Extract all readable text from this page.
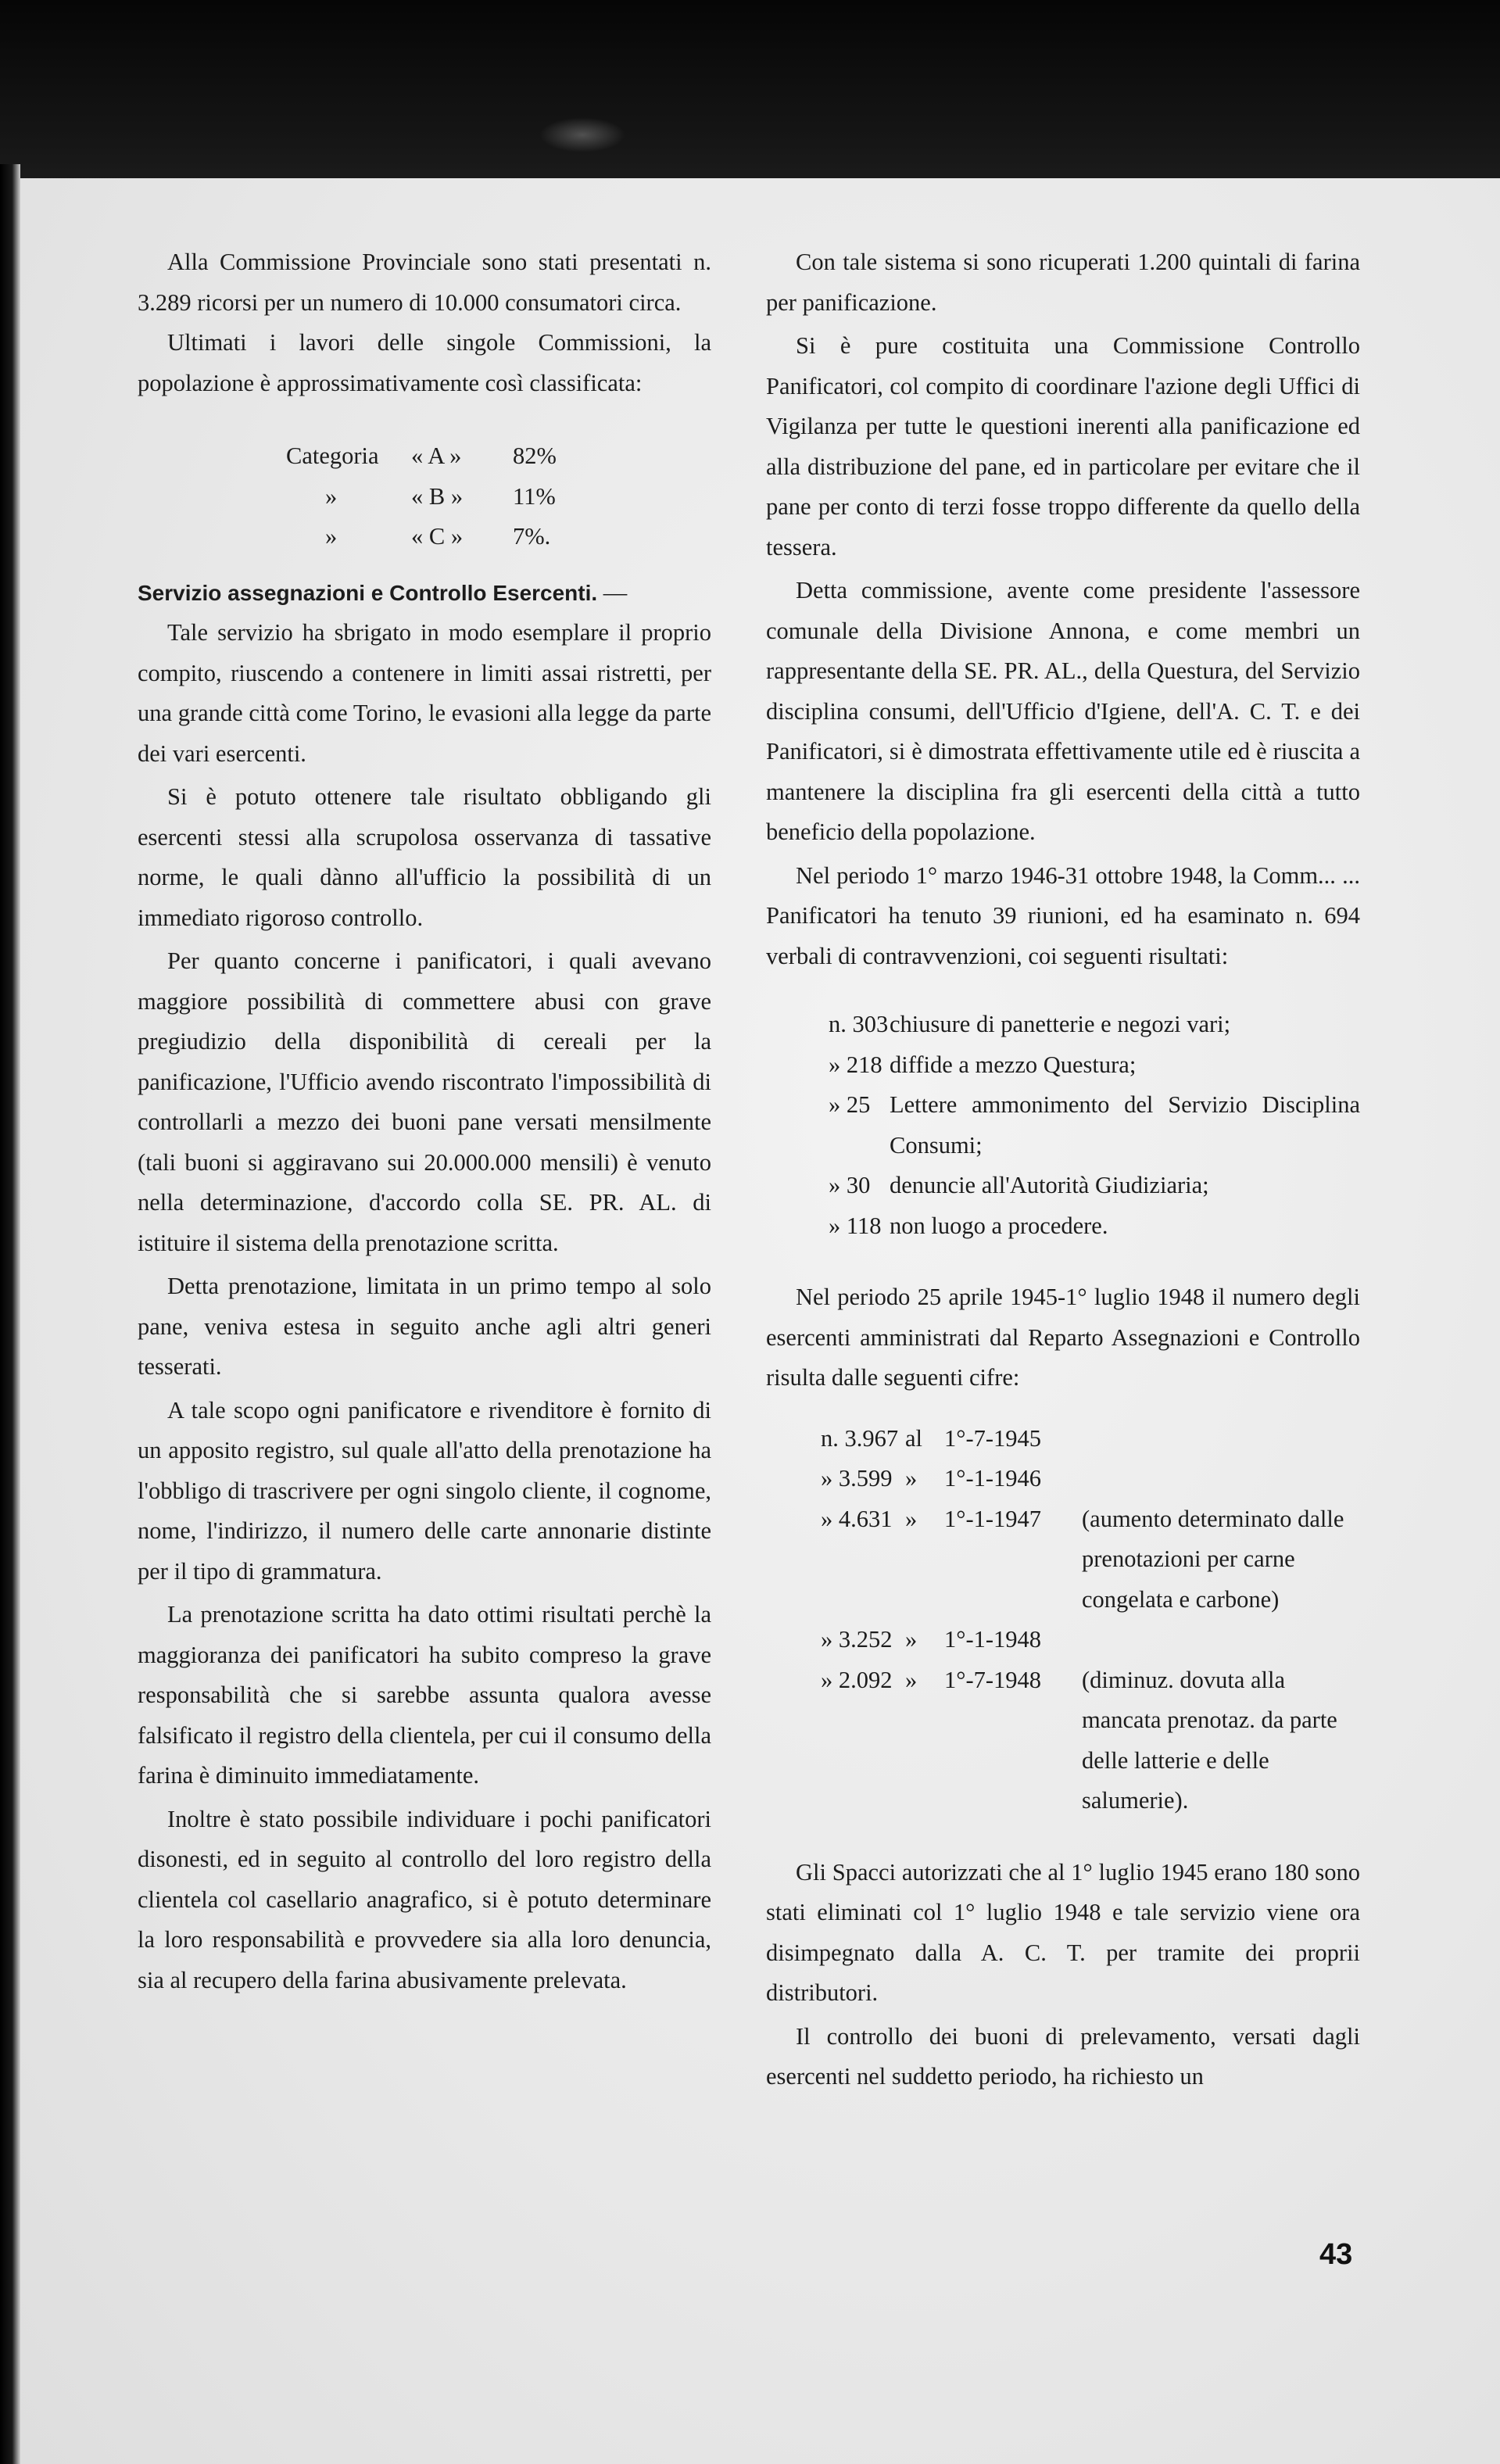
Alla Commissione Provinciale sono stati presentati n. 3.289 ricorsi per un numero di 10.000 consumatori circa.

Ultimati i lavori delle singole Commissioni, la popolazione è approssimativamente così classificata:

Categoria	« A »	82%
»	« B »	11%
»	« C »	7%.

Servizio assegnazioni e Controllo Esercenti. —

Tale servizio ha sbrigato in modo esemplare il proprio compito, riuscendo a contenere in limiti assai ristretti, per una grande città come Torino, le evasioni alla legge da parte dei vari esercenti.

Si è potuto ottenere tale risultato obbligando gli esercenti stessi alla scrupolosa osservanza di tassative norme, le quali dànno all'ufficio la possibilità di un immediato rigoroso controllo.

Per quanto concerne i panificatori, i quali avevano maggiore possibilità di commettere abusi con grave pregiudizio della disponibilità di cereali per la panificazione, l'Ufficio avendo riscontrato l'impossibilità di controllarli a mezzo dei buoni pane versati mensilmente (tali buoni si aggiravano sui 20.000.000 mensili) è venuto nella determinazione, d'accordo colla SE. PR. AL. di istituire il sistema della prenotazione scritta.

Detta prenotazione, limitata in un primo tempo al solo pane, veniva estesa in seguito anche agli altri generi tesserati.

A tale scopo ogni panificatore e rivenditore è fornito di un apposito registro, sul quale all'atto della prenotazione ha l'obbligo di trascrivere per ogni singolo cliente, il cognome, nome, l'indirizzo, il numero delle carte annonarie distinte per il tipo di grammatura.

La prenotazione scritta ha dato ottimi risultati perchè la maggioranza dei panificatori ha subito compreso la grave responsabilità che si sarebbe assunta qualora avesse falsificato il registro della clientela, per cui il consumo della farina è diminuito immediatamente.

Inoltre è stato possibile individuare i pochi panificatori disonesti, ed in seguito al controllo del loro registro della clientela col casellario anagrafico, si è potuto determinare la loro responsabilità e provvedere sia alla loro denuncia, sia al recupero della farina abusivamente prelevata.

Con tale sistema si sono ricuperati 1.200 quintali di farina per panificazione.

Si è pure costituita una Commissione Controllo Panificatori, col compito di coordinare l'azione degli Uffici di Vigilanza per tutte le questioni inerenti alla panificazione ed alla distribuzione del pane, ed in particolare per evitare che il pane per conto di terzi fosse troppo differente da quello della tessera.

Detta commissione, avente come presidente l'assessore comunale della Divisione Annona, e come membri un rappresentante della SE. PR. AL., della Questura, del Servizio disciplina consumi, dell'Ufficio d'Igiene, dell'A. C. T. e dei Panificatori, si è dimostrata effettivamente utile ed è riuscita a mantenere la disciplina fra gli esercenti della città a tutto beneficio della popolazione.

Nel periodo 1° marzo 1946-31 ottobre 1948, la Comm... ... Panificatori ha tenuto 39 riunioni, ed ha esaminato n. 694 verbali di contravvenzioni, coi seguenti risultati:

n. 303 chiusure di panetterie e negozi vari;
» 218 diffide a mezzo Questura;
» 25 Lettere ammonimento del Servizio Disciplina Consumi;
» 30 denuncie all'Autorità Giudiziaria;
» 118 non luogo a procedere.

Nel periodo 25 aprile 1945-1° luglio 1948 il numero degli esercenti amministrati dal Reparto Assegnazioni e Controllo risulta dalle seguenti cifre:

n. 3.967 al 1°-7-1945
» 3.599 »	1°-1-1946
» 4.631 »	1°-1-1947	(aumento determinato dalle prenotazioni per carne congelata e carbone)
» 3.252 »	1°-1-1948
» 2.092 »	1°-7-1948	(diminuz. dovuta alla mancata prenotaz. da parte delle latterie e delle salumerie).

Gli Spacci autorizzati che al 1° luglio 1945 erano 180 sono stati eliminati col 1° luglio 1948 e tale servizio viene ora disimpegnato dalla A. C. T. per tramite dei proprii distributori.

Il controllo dei buoni di prelevamento, versati dagli esercenti nel suddetto periodo, ha richiesto un

43
